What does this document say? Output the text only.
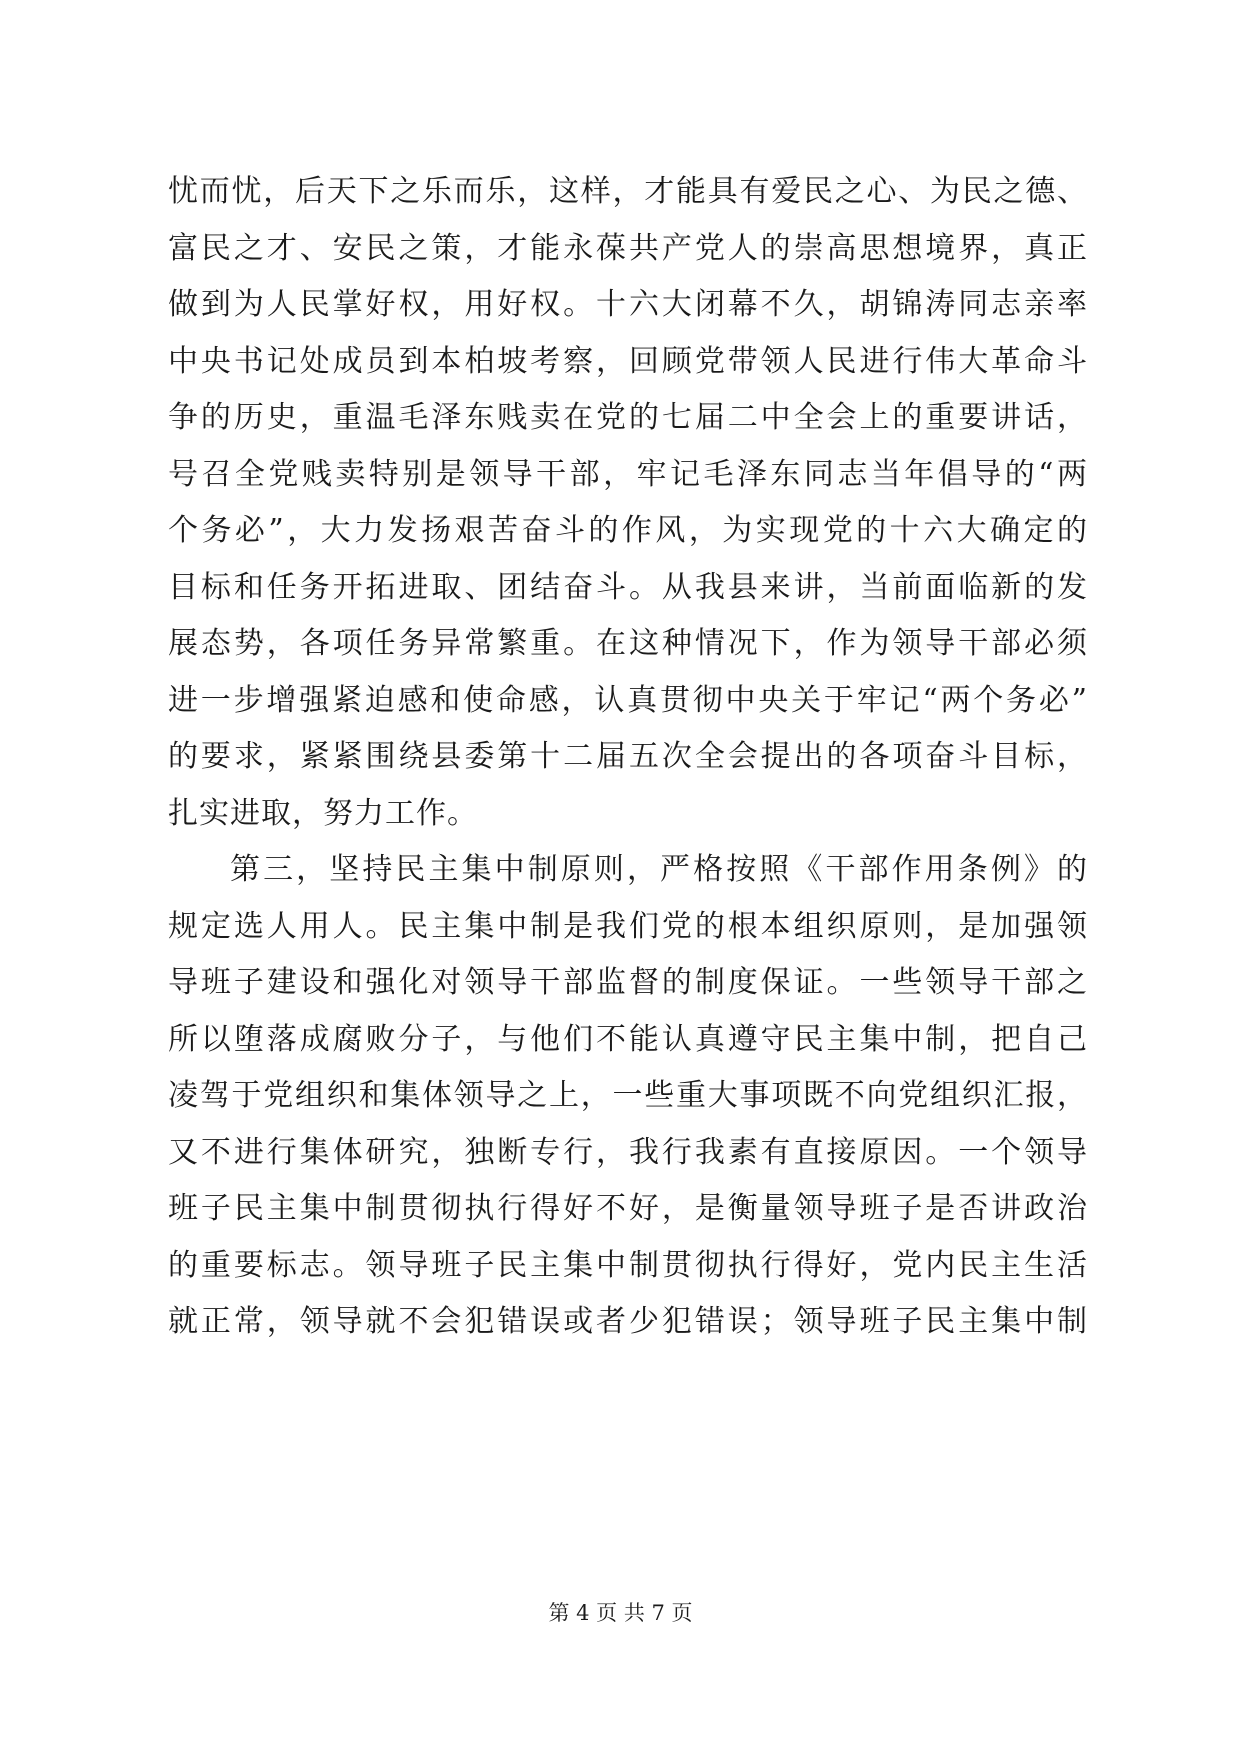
忧而忧，后天下之乐而乐，这样，才能具有爱民之心、为民之德、
富民之才、安民之策，才能永葆共产党人的崇高思想境界，真正
做到为人民掌好权，用好权。十六大闭幕不久，胡锦涛同志亲率
中央书记处成员到本柏坡考察，回顾党带领人民进行伟大革命斗
争的历史，重温毛泽东贱卖在党的七届二中全会上的重要讲话，
号召全党贱卖特别是领导干部，牢记毛泽东同志当年倡导的“两
个务必”，大力发扬艰苦奋斗的作风，为实现党的十六大确定的
目标和任务开拓进取、团结奋斗。从我县来讲，当前面临新的发
展态势，各项任务异常繁重。在这种情况下，作为领导干部必须
进一步增强紧迫感和使命感，认真贯彻中央关于牢记“两个务必”
的要求，紧紧围绕县委第十二届五次全会提出的各项奋斗目标，
扎实进取，努力工作。
第三，坚持民主集中制原则，严格按照《干部作用条例》的
规定选人用人。民主集中制是我们党的根本组织原则，是加强领
导班子建设和强化对领导干部监督的制度保证。一些领导干部之
所以堕落成腐败分子，与他们不能认真遵守民主集中制，把自己
凌驾于党组织和集体领导之上，一些重大事项既不向党组织汇报，
又不进行集体研究，独断专行，我行我素有直接原因。一个领导
班子民主集中制贯彻执行得好不好，是衡量领导班子是否讲政治
的重要标志。领导班子民主集中制贯彻执行得好，党内民主生活
就正常，领导就不会犯错误或者少犯错误；领导班子民主集中制
第 4 页 共 7 页
